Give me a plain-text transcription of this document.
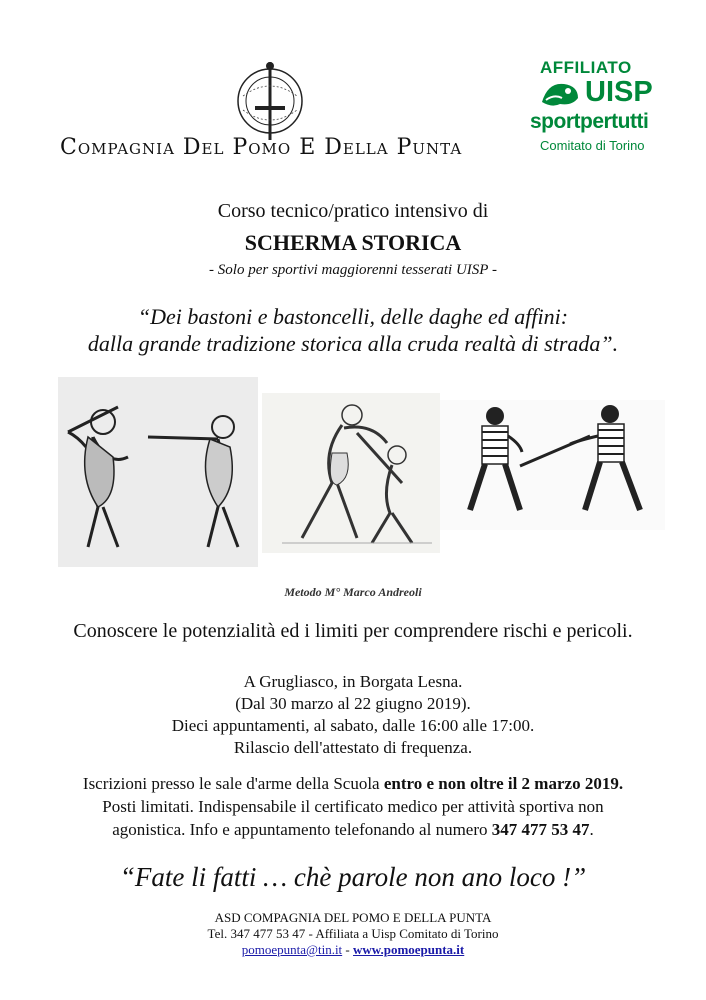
Compagnia Del Pomo E Della Punta
AFFILIATO
UISP
sportpertutti
Comitato di Torino
Corso tecnico/pratico intensivo di
SCHERMA STORICA
- Solo per sportivi maggiorenni tesserati UISP -
“Dei bastoni e bastoncelli, delle daghe ed affini:
dalla grande tradizione storica alla cruda realtà di strada”.
Metodo M° Marco Andreoli
Conoscere le potenzialità ed i limiti per comprendere rischi e pericoli.
A Grugliasco, in Borgata Lesna.
(Dal 30 marzo al 22 giugno 2019).
Dieci appuntamenti, al sabato, dalle 16:00 alle 17:00.
Rilascio dell'attestato di frequenza.
Iscrizioni presso le sale d'arme della Scuola entro e non oltre il 2 marzo 2019.
Posti limitati. Indispensabile il certificato medico per attività sportiva non
agonistica. Info e appuntamento telefonando al numero 347 477 53 47.
“Fate li fatti … chè parole non ano loco !”
ASD COMPAGNIA DEL POMO E DELLA PUNTA
Tel. 347 477 53 47 - Affiliata a Uisp Comitato di Torino
pomoepunta@tin.it - www.pomoepunta.it
